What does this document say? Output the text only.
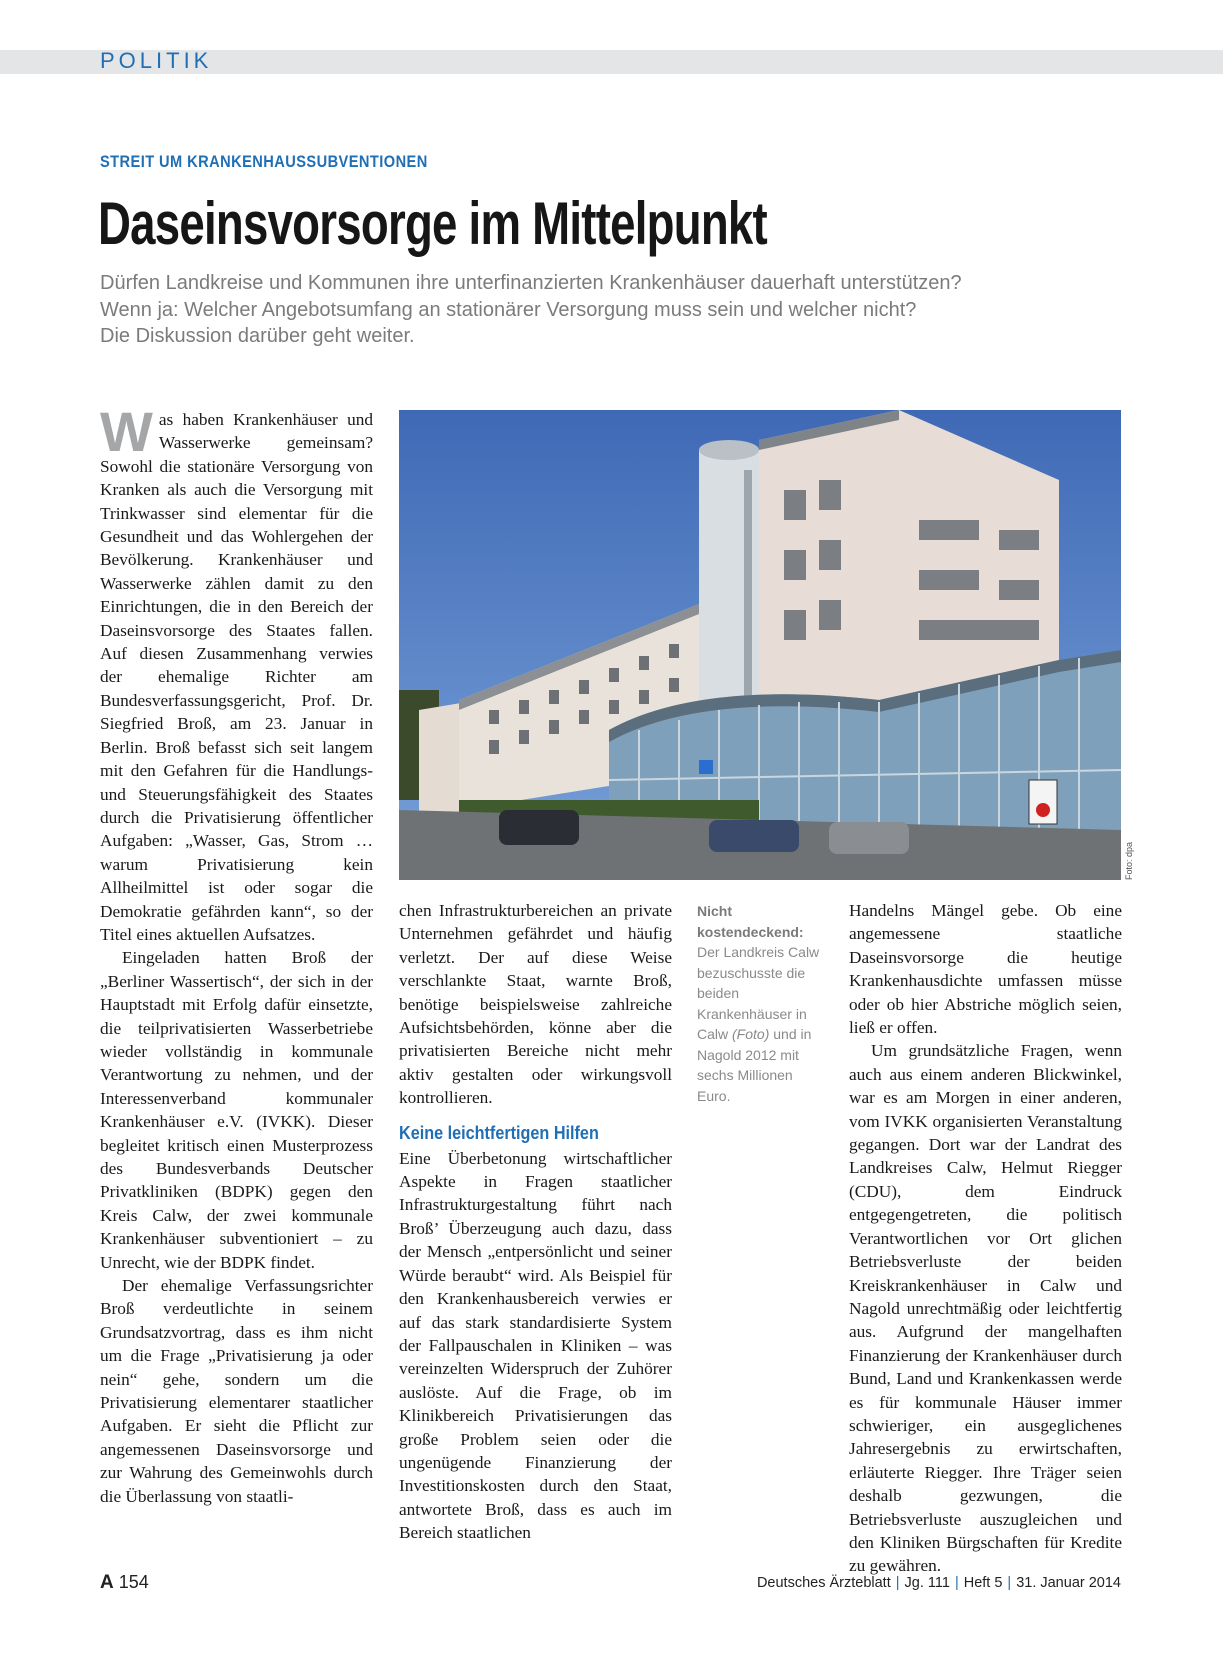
POLITIK
STREIT UM KRANKENHAUSSUBVENTIONEN
Daseinsvorsorge im Mittelpunkt
Dürfen Landkreise und Kommunen ihre unterfinanzierten Krankenhäuser dauerhaft unterstützen?
Wenn ja: Welcher Angebotsumfang an stationärer Versorgung muss sein und welcher nicht?
Die Diskussion darüber geht weiter.

Was haben Krankenhäuser und Wasserwerke gemeinsam? Sowohl die stationäre Versorgung von Kranken als auch die Versorgung mit Trinkwasser sind elementar für die Gesundheit und das Wohlergehen der Bevölkerung. Krankenhäuser und Wasserwerke zählen damit zu den Einrichtungen, die in den Bereich der Daseinsvorsorge des Staates fallen. Auf diesen Zusammenhang verwies der ehemalige Richter am Bundesverfassungsgericht, Prof. Dr. Siegfried Broß, am 23. Januar in Berlin. Broß befasst sich seit langem mit den Gefahren für die Handlungs- und Steuerungsfähigkeit des Staates durch die Privatisierung öffentlicher Aufgaben: „Wasser, Gas, Strom … warum Privatisierung kein Allheilmittel ist oder sogar die Demokratie gefährden kann“, so der Titel eines aktuellen Aufsatzes.

Eingeladen hatten Broß der „Berliner Wassertisch“, der sich in der Hauptstadt mit Erfolg dafür einsetzte, die teilprivatisierten Wasserbetriebe wieder vollständig in kommunale Verantwortung zu nehmen, und der Interessenverband kommunaler Krankenhäuser e.V. (IVKK). Dieser begleitet kritisch einen Musterprozess des Bundesverbands Deutscher Privatkliniken (BDPK) gegen den Kreis Calw, der zwei kommunale Krankenhäuser subventioniert – zu Unrecht, wie der BDPK findet.

Der ehemalige Verfassungsrichter Broß verdeutlichte in seinem Grundsatzvortrag, dass es ihm nicht um die Frage „Privatisierung ja oder nein“ gehe, sondern um die Privatisierung elementarer staatlicher Aufgaben. Er sieht die Pflicht zur angemessenen Daseinsvorsorge und zur Wahrung des Gemeinwohls durch die Überlassung von staatli-

Foto: dpa
Nicht kostendeckend: Der Landkreis Calw bezuschusste die beiden Krankenhäuser in Calw (Foto) und in Nagold 2012 mit sechs Millionen Euro.

chen Infrastrukturbereichen an private Unternehmen gefährdet und häufig verletzt. Der auf diese Weise verschlankte Staat, warnte Broß, benötige beispielsweise zahlreiche Aufsichtsbehörden, könne aber die privatisierten Bereiche nicht mehr aktiv gestalten oder wirkungsvoll kontrollieren.

Keine leichtfertigen Hilfen

Eine Überbetonung wirtschaftlicher Aspekte in Fragen staatlicher Infrastrukturgestaltung führt nach Broß’ Überzeugung auch dazu, dass der Mensch „entpersönlicht und seiner Würde beraubt“ wird. Als Beispiel für den Krankenhausbereich verwies er auf das stark standardisierte System der Fallpauschalen in Kliniken – was vereinzelten Widerspruch der Zuhörer auslöste. Auf die Frage, ob im Klinikbereich Privatisierungen das große Problem seien oder die ungenügende Finanzierung der Investitionskosten durch den Staat, antwortete Broß, dass es auch im Bereich staatlichen

Handelns Mängel gebe. Ob eine angemessene staatliche Daseinsvorsorge die heutige Krankenhausdichte umfassen müsse oder ob hier Abstriche möglich seien, ließ er offen.

Um grundsätzliche Fragen, wenn auch aus einem anderen Blickwinkel, war es am Morgen in einer anderen, vom IVKK organisierten Veranstaltung gegangen. Dort war der Landrat des Landkreises Calw, Helmut Riegger (CDU), dem Eindruck entgegengetreten, die politisch Verantwortlichen vor Ort glichen Betriebsverluste der beiden Kreiskrankenhäuser in Calw und Nagold unrechtmäßig oder leichtfertig aus. Aufgrund der mangelhaften Finanzierung der Krankenhäuser durch Bund, Land und Krankenkassen werde es für kommunale Häuser immer schwieriger, ein ausgeglichenes Jahresergebnis zu erwirtschaften, erläuterte Riegger. Ihre Träger seien deshalb gezwungen, die Betriebsverluste auszugleichen und den Kliniken Bürgschaften für Kredite zu gewähren.

A 154	Deutsches Ärzteblatt | Jg. 111 | Heft 5 | 31. Januar 2014
